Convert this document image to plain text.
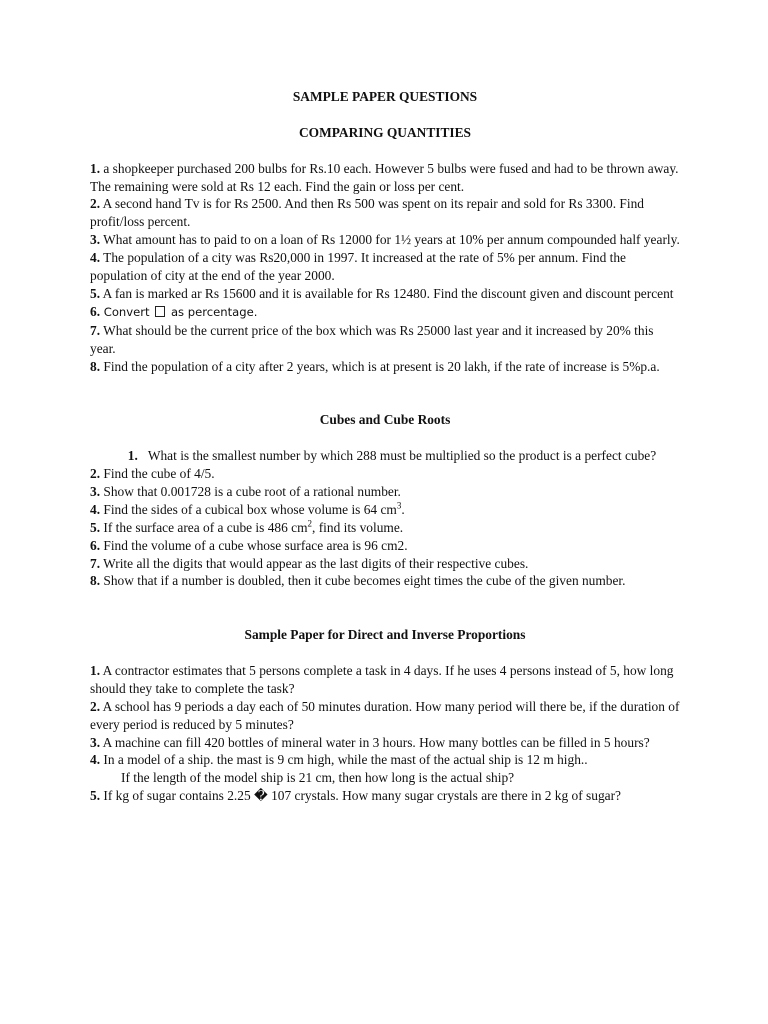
SAMPLE PAPER QUESTIONS
COMPARING QUANTITIES

1. a shopkeeper purchased 200 bulbs for Rs.10 each. However 5 bulbs were fused and had to be thrown away. The remaining were sold at Rs 12 each. Find the gain or loss per cent.

2. A second hand Tv is for Rs 2500. And then Rs 500 was spent on its repair and sold for Rs 3300. Find profit/loss percent.

3. What amount has to paid to on a loan of Rs 12000 for 1½ years at 10% per annum compounded half yearly.

4. The population of a city was Rs20,000 in 1997. It increased at the rate of 5% per annum. Find the population of city at the end of the year 2000.

5. A fan is marked ar Rs 15600 and it is available for Rs 12480. Find the discount given and discount percent

6. Convert  as percentage.

7. What should be the current price of the box which was Rs 25000 last year and it increased by 20% this year.

8. Find the population of a city after 2 years, which is at present is 20 lakh, if the rate of increase is 5%p.a.

Cubes and Cube Roots

1. What is the smallest number by which 288 must be multiplied so the product is a perfect cube?

2. Find the cube of 4/5.

3. Show that 0.001728 is a cube root of a rational number.

4. Find the sides of a cubical box whose volume is 64 $cm^3$.

5. If the surface area of a cube is 486 $cm^2$, find its volume.

6. Find the volume of a cube whose surface area is 96 cm2.

7. Write all the digits that would appear as the last digits of their respective cubes.

8. Show that if a number is doubled, then it cube becomes eight times the cube of the given number.

Sample Paper for Direct and Inverse Proportions

1. A contractor estimates that 5 persons complete a task in 4 days. If he uses 4 persons instead of 5, how long should they take to complete the task?

2. A school has 9 periods a day each of 50 minutes duration. How many period will there be, if the duration of every period is reduced by 5 minutes?

3. A machine can fill 420 bottles of mineral water in 3 hours. How many bottles can be filled in 5 hours?

4. In a model of a ship. the mast is 9 cm high, while the mast of the actual ship is 12 m high..

If the length of the model ship is 21 cm, then how long is the actual ship?

5. If kg of sugar contains 2.25 � 107 crystals. How many sugar crystals are there in 2 kg of sugar?
